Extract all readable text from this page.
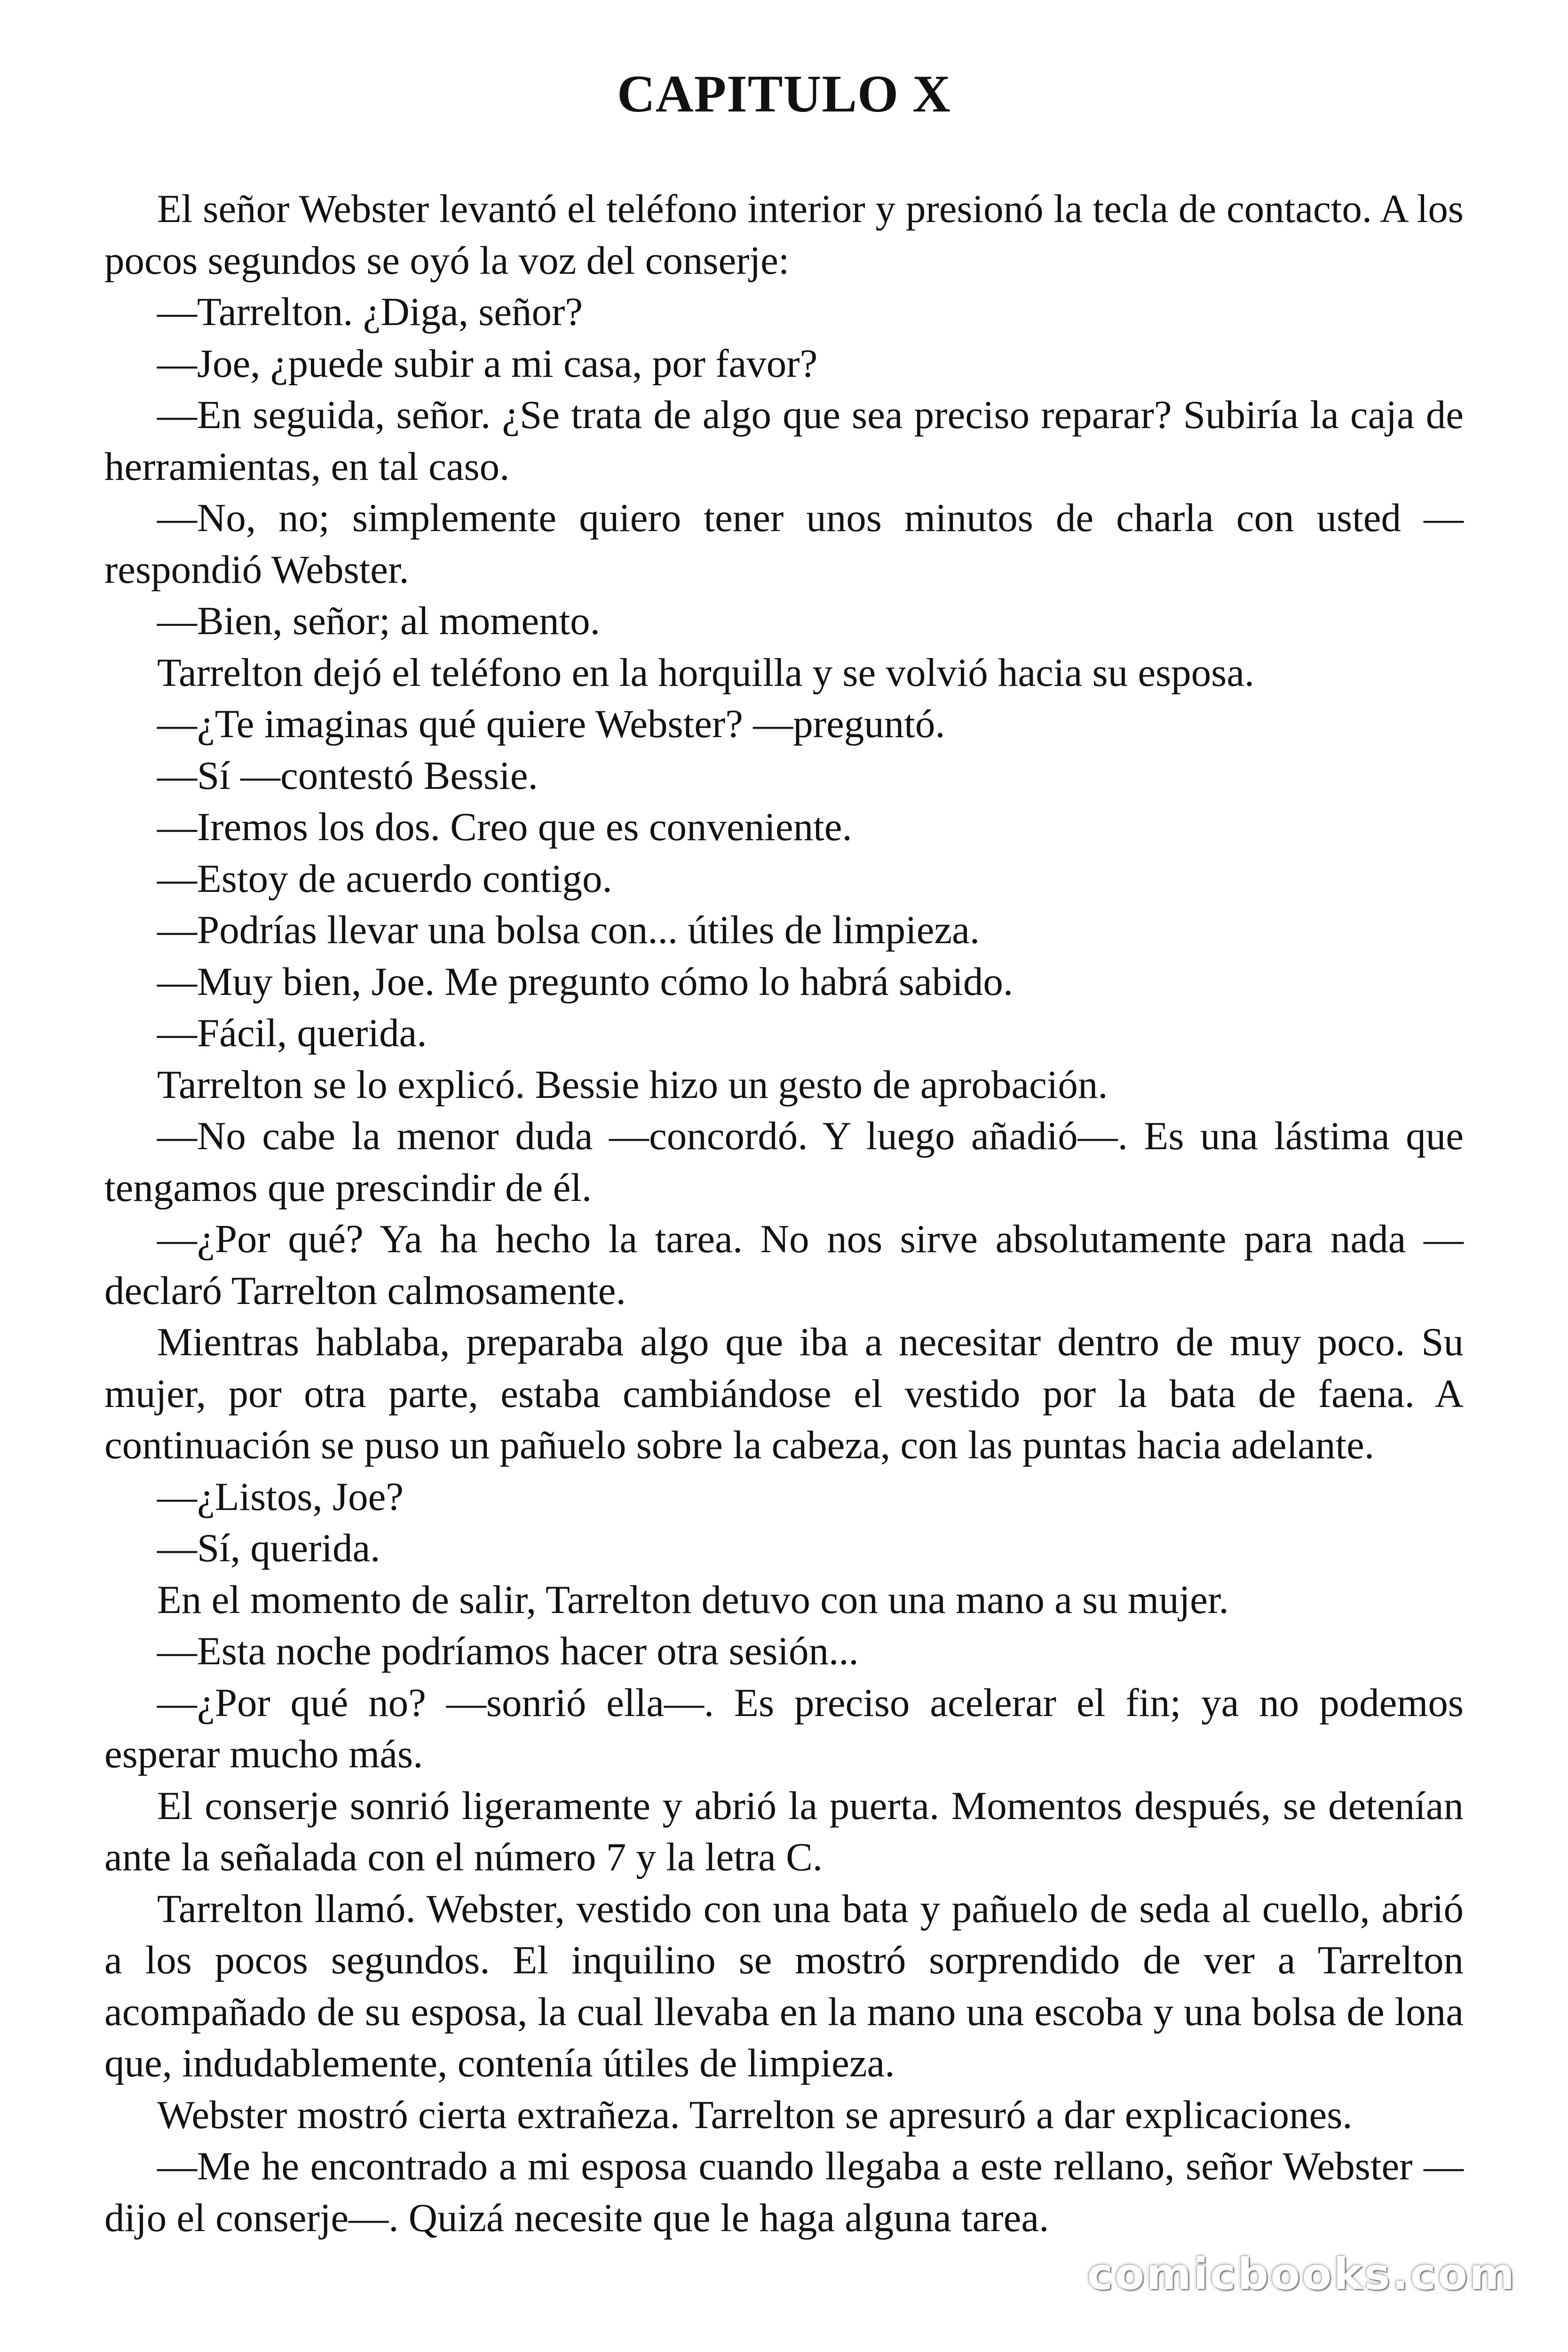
CAPITULO X

El señor Webster levantó el teléfono interior y presionó la tecla de contacto. A los pocos segundos se oyó la voz del conserje:

—Tarrelton. ¿Diga, señor?

—Joe, ¿puede subir a mi casa, por favor?

—En seguida, señor. ¿Se trata de algo que sea preciso reparar? Subiría la caja de herramientas, en tal caso.

—No, no; simplemente quiero tener unos minutos de charla con usted — respondió Webster.

—Bien, señor; al momento.

Tarrelton dejó el teléfono en la horquilla y se volvió hacia su esposa.

—¿Te imaginas qué quiere Webster? —preguntó.

—Sí —contestó Bessie.

—Iremos los dos. Creo que es conveniente.

—Estoy de acuerdo contigo.

—Podrías llevar una bolsa con... útiles de limpieza.

—Muy bien, Joe. Me pregunto cómo lo habrá sabido.

—Fácil, querida.

Tarrelton se lo explicó. Bessie hizo un gesto de aprobación.

—No cabe la menor duda —concordó. Y luego añadió—. Es una lástima que tengamos que prescindir de él.

—¿Por qué? Ya ha hecho la tarea. No nos sirve absolutamente para nada —declaró Tarrelton calmosamente.

Mientras hablaba, preparaba algo que iba a necesitar dentro de muy poco. Su mujer, por otra parte, estaba cambiándose el vestido por la bata de faena. A continuación se puso un pañuelo sobre la cabeza, con las puntas hacia adelante.

—¿Listos, Joe?

—Sí, querida.

En el momento de salir, Tarrelton detuvo con una mano a su mujer.

—Esta noche podríamos hacer otra sesión...

—¿Por qué no? —sonrió ella—. Es preciso acelerar el fin; ya no podemos esperar mucho más.

El conserje sonrió ligeramente y abrió la puerta. Momentos después, se detenían ante la señalada con el número 7 y la letra C.

Tarrelton llamó. Webster, vestido con una bata y pañuelo de seda al cuello, abrió a los pocos segundos. El inquilino se mostró sorprendido de ver a Tarrelton acompañado de su esposa, la cual llevaba en la mano una escoba y una bolsa de lona que, indudablemente, contenía útiles de limpieza.

Webster mostró cierta extrañeza. Tarrelton se apresuró a dar explicaciones.

—Me he encontrado a mi esposa cuando llegaba a este rellano, señor Webster —dijo el conserje—. Quizá necesite que le haga alguna tarea.

comicbooks.com
